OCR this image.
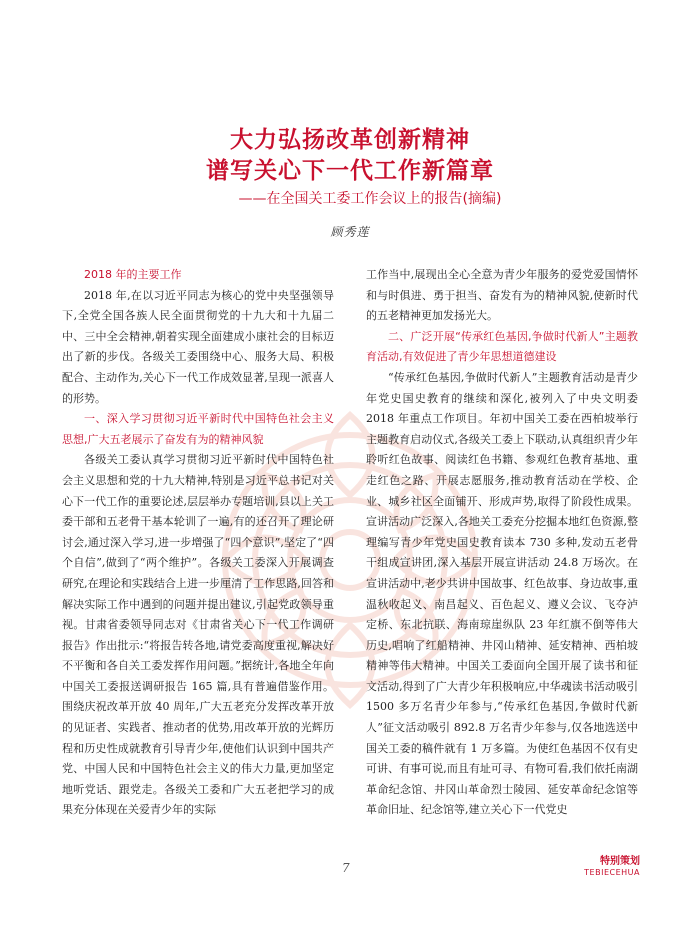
大力弘扬改革创新精神
谱写关心下一代工作新篇章
——在全国关工委工作会议上的报告(摘编)
顾秀莲

2018 年的主要工作

2018 年,在以习近平同志为核心的党中央坚强领导下,全党全国各族人民全面贯彻党的十九大和十九届二中、三中全会精神,朝着实现全面建成小康社会的目标迈出了新的步伐。各级关工委围绕中心、服务大局、积极配合、主动作为,关心下一代工作成效显著,呈现一派喜人的形势。

一、深入学习贯彻习近平新时代中国特色社会主义思想,广大五老展示了奋发有为的精神风貌

各级关工委认真学习贯彻习近平新时代中国特色社会主义思想和党的十九大精神,特别是习近平总书记对关心下一代工作的重要论述,层层举办专题培训,县以上关工委干部和五老骨干基本轮训了一遍,有的还召开了理论研讨会,通过深入学习,进一步增强了“四个意识”,坚定了“四个自信”,做到了“两个维护”。各级关工委深入开展调查研究,在理论和实践结合上进一步厘清了工作思路,回答和解决实际工作中遇到的问题并提出建议,引起党政领导重视。甘肃省委领导同志对《甘肃省关心下一代工作调研报告》作出批示:“将报告转各地,请党委高度重视,解决好不平衡和各自关工委发挥作用问题。”据统计,各地全年向中国关工委报送调研报告 165 篇,具有普遍借鉴作用。围绕庆祝改革开放 40 周年,广大五老充分发挥改革开放的见证者、实践者、推动者的优势,用改革开放的光辉历程和历史性成就教育引导青少年,使他们认识到中国共产党、中国人民和中国特色社会主义的伟大力量,更加坚定地听党话、跟党走。各级关工委和广大五老把学习的成果充分体现在关爱青少年的实际

工作当中,展现出全心全意为青少年服务的爱党爱国情怀和与时俱进、勇于担当、奋发有为的精神风貌,使新时代的五老精神更加发扬光大。

二、广泛开展“传承红色基因,争做时代新人”主题教育活动,有效促进了青少年思想道德建设

“传承红色基因,争做时代新人”主题教育活动是青少年党史国史教育的继续和深化,被列入了中央文明委 2018 年重点工作项目。年初中国关工委在西柏坡举行主题教育启动仪式,各级关工委上下联动,认真组织青少年聆听红色故事、阅读红色书籍、参观红色教育基地、重走红色之路、开展志愿服务,推动教育活动在学校、企业、城乡社区全面铺开、形成声势,取得了阶段性成果。宣讲活动广泛深入,各地关工委充分挖掘本地红色资源,整理编写青少年党史国史教育读本 730 多种,发动五老骨干组成宣讲团,深入基层开展宣讲活动 24.8 万场次。在宣讲活动中,老少共讲中国故事、红色故事、身边故事,重温秋收起义、南昌起义、百色起义、遵义会议、飞夺泸定桥、东北抗联、海南琼崖纵队 23 年红旗不倒等伟大历史,唱响了红船精神、井冈山精神、延安精神、西柏坡精神等伟大精神。中国关工委面向全国开展了读书和征文活动,得到了广大青少年积极响应,中华魂读书活动吸引 1500 多万名青少年参与,“传承红色基因,争做时代新人”征文活动吸引 892.8 万名青少年参与,仅各地选送中国关工委的稿件就有 1 万多篇。为使红色基因不仅有史可讲、有事可说,而且有址可寻、有物可看,我们依托南湖革命纪念馆、井冈山革命烈士陵园、延安革命纪念馆等革命旧址、纪念馆等,建立关心下一代党史

7	特别策划
TEBIECEHUA
